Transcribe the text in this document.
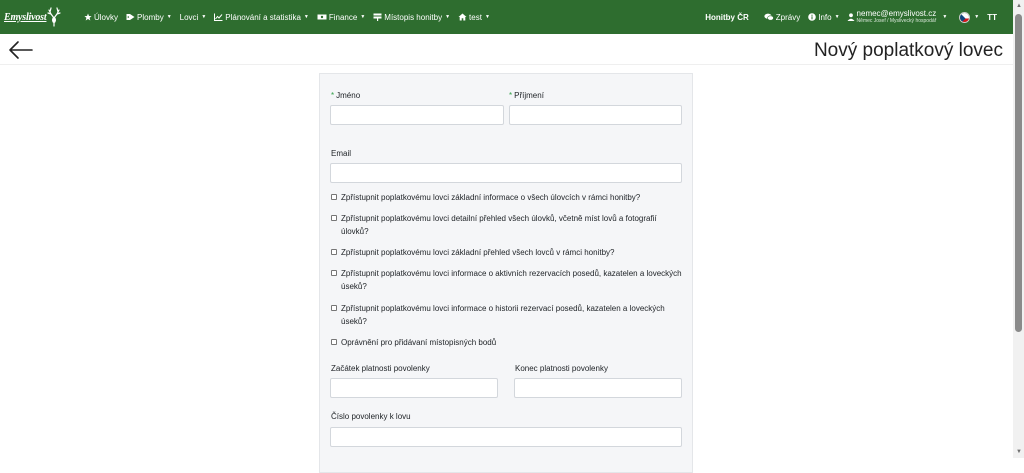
Emyslivost	Úlovky Plomby ▼ Lovci ▼ Plánování a statistika ▼	Finance ▼ Místopis honitby ▼ test ▼	Honitby ČR	Zprávy Info ▼ nemec@emyslivost.cz
Němec Josef / Myslivecký hospodář
▼	▼	TT
▲
▼
Nový poplatkový lovec
* Jméno	* Příjmení
Email
Zpřístupnit poplatkovému lovci základní informace o všech úlovcích v rámci honitby?
Zpřístupnit poplatkovému lovci detailní přehled všech úlovků, včetně míst lovů a fotografií úlovků?
Zpřístupnit poplatkovému lovci základní přehled všech lovců v rámci honitby?
Zpřístupnit poplatkovému lovci informace o aktivních rezervacích posedů, kazatelen a loveckých úseků?
Zpřístupnit poplatkovému lovci informace o historii rezervací posedů, kazatelen a loveckých úseků?
Oprávnění pro přidávaní místopisných bodů
Začátek platnosti povolenky	Konec platnosti povolenky
Číslo povolenky k lovu
